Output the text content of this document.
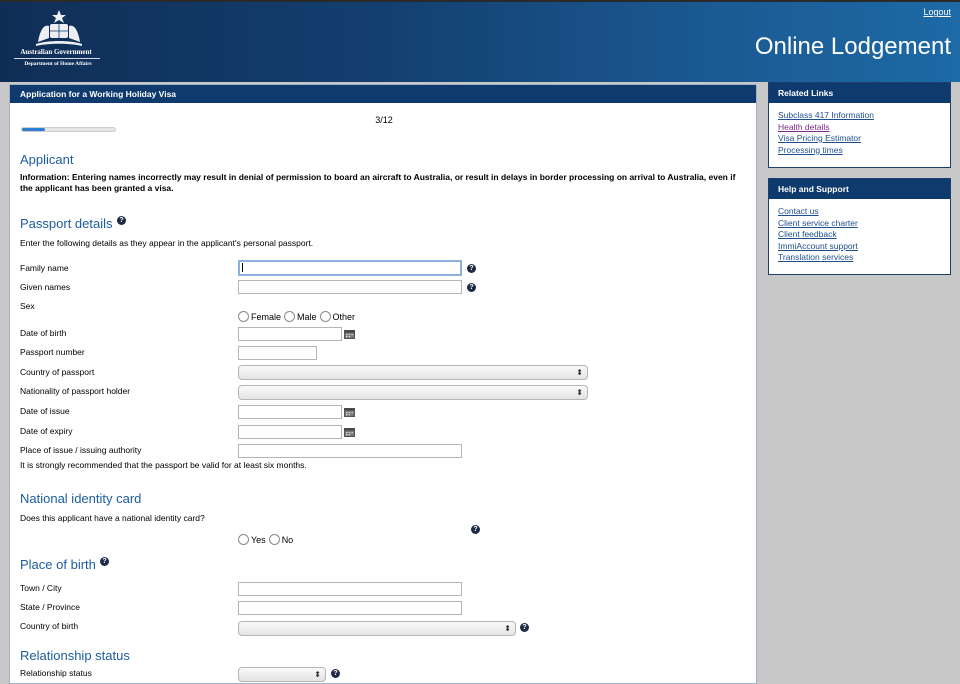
Logout
Australian Government
Department of Home Affairs
Online Lodgement
Application for a Working Holiday Visa
3/12
Applicant
Information: Entering names incorrectly may result in denial of permission to board an aircraft to Australia, or result in delays in border processing on arrival to Australia, even if the applicant has been granted a visa.
Passport details ?
Enter the following details as they appear in the applicant's personal passport.
Family name	?
Given names	?
Sex
Female Male Other
Date of birth
Passport number
Country of passport	⬍
Nationality of passport holder	⬍
Date of issue
Date of expiry
Place of issue / issuing authority
It is strongly recommended that the passport be valid for at least six months.
National identity card
Does this applicant have a national identity card?
?
Yes No
Place of birth ?
Town / City
State / Province
Country of birth	⬍	?
Relationship status
Relationship status	⬍	?
Related Links
Subclass 417 Information
Health details
Visa Pricing Estimator
Processing times
Help and Support
Contact us
Client service charter
Client feedback
ImmiAccount support
Translation services
